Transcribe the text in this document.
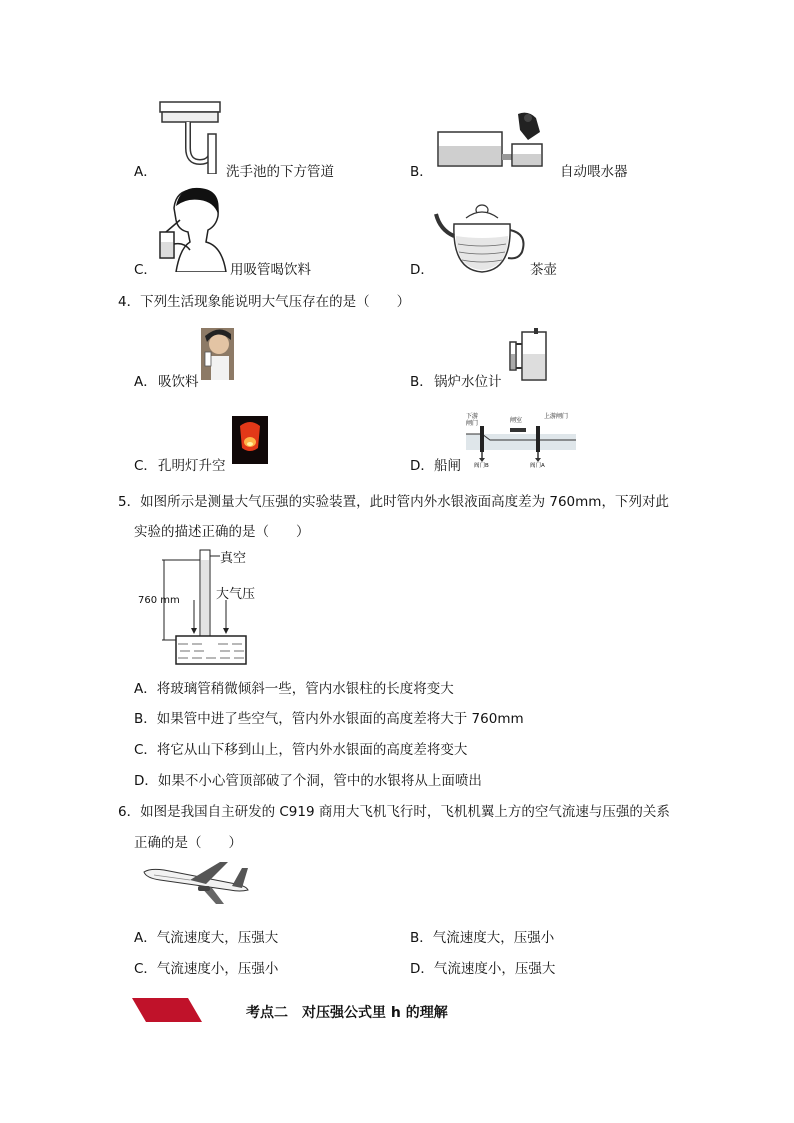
A．	洗手池的下方管道	B．	自动喂水器
C．	用吸管喝饮料	D．	茶壶
4．下列生活现象能说明大气压存在的是（　　）
A． 吸饮料	B． 锅炉水位计
C． 孔明灯升空
下游
闸门	闸室
上游闸门
阀门B	阀门A
D． 船闸
5．如图所示是测量大气压强的实验装置，此时管内外水银液面高度差为 760mm，下列对此
实验的描述正确的是（　　）
真空
大气压
760 mm
A．将玻璃管稍微倾斜一些，管内水银柱的长度将变大
B．如果管中进了些空气，管内外水银面的高度差将大于 760mm
C．将它从山下移到山上，管内外水银面的高度差将变大
D．如果不小心管顶部破了个洞，管中的水银将从上面喷出
6．如图是我国自主研发的 C919 商用大飞机飞行时，飞机机翼上方的空气流速与压强的关系
正确的是（　　）
A．气流速度大，压强大	B．气流速度大，压强小
C．气流速度小，压强小	D．气流速度小，压强大
考点二　对压强公式里 h 的理解
